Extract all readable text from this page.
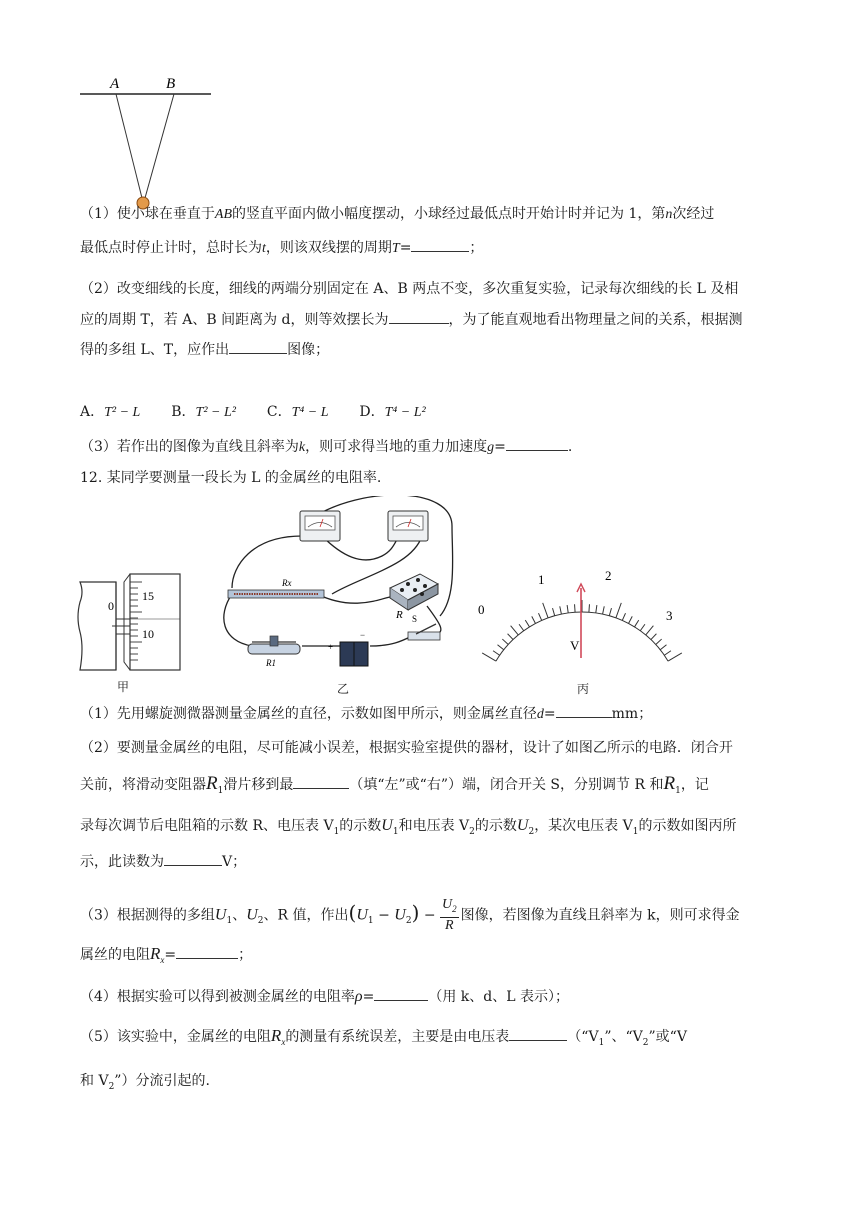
A	B
（1）使小球在垂直于AB的竖直平面内做小幅度摆动，小球经过最低点时开始计时并记为 1，第n次经过
最低点时停止计时，总时长为t，则该双线摆的周期T=	；
（2）改变细线的长度，细线的两端分别固定在 A、B 两点不变，多次重复实验，记录每次细线的长 L 及相
应的周期 T，若 A、B 间距离为 d，则等效摆长为	，为了能直观地看出物理量之间的关系，根据测
得的多组 L、T，应作出	图像；
A．T² − L B．T² − L² C．T⁴ − L D．T⁴ − L²
（3）若作出的图像为直线且斜率为k，则可求得当地的重力加速度g=	.
12. 某同学要测量一段长为 L 的金属丝的电阻率.
0
15
10
甲
Rx
R
R1
+
−
S
乙
0
1	2
3
V
丙
（1）先用螺旋测微器测量金属丝的直径，示数如图甲所示，则金属丝直径d=	mm；
（2）要测量金属丝的电阻，尽可能减小误差，根据实验室提供的器材，设计了如图乙所示的电路．闭合开
关前，将滑动变阻器$R_1$滑片移到最	（填“左”或“右”）端，闭合开关 S，分别调节 R 和$R_1$，记
录每次调节后电阻箱的示数 R、电压表 $V_1$的示数$U_1$和电压表 $V_2$的示数$U_2$，某次电压表 $V_1$的示数如图丙所
示，此读数为	V；
（3）根据测得的多组$U_1$、$U_2$、R 值，作出$(U_1 - U_2) - \frac{U_2}{R}$ 图像，若图像为直线且斜率为 k，则可求得金
属丝的电阻$R_x=$	；
（4）根据实验可以得到被测金属丝的电阻率ρ=	（用 k、d、L 表示）；
（5）该实验中，金属丝的电阻$R_x$的测量有系统误差，主要是由电压表	（“$V_1$”、“$V_2$”或“V
和 $V_2$”）分流引起的.
